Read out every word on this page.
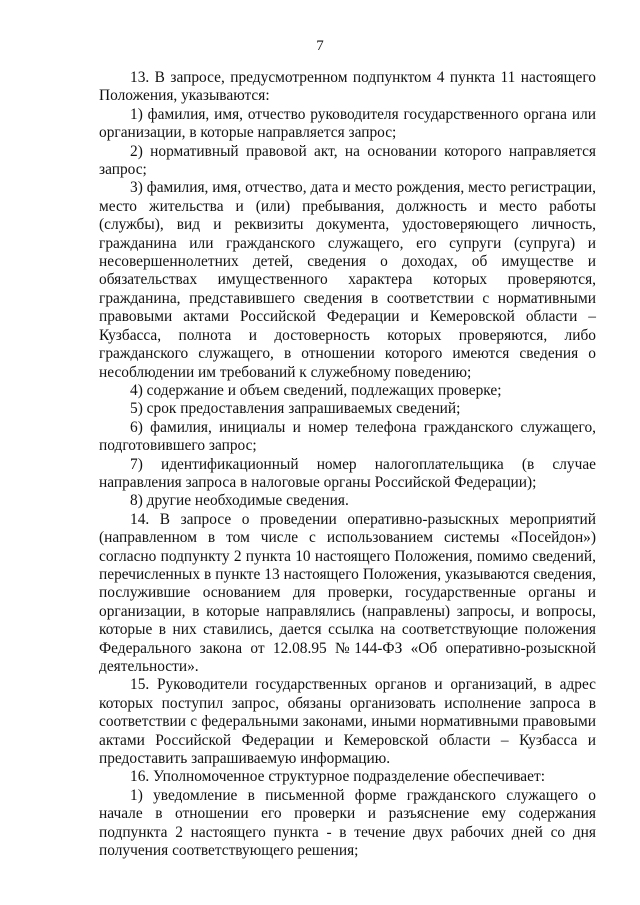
7

13. В запросе, предусмотренном подпунктом 4 пункта 11 настоящего Положения, указываются:

1) фамилия, имя, отчество руководителя государственного органа или организации, в которые направляется запрос;

2) нормативный правовой акт, на основании которого направляется запрос;

3) фамилия, имя, отчество, дата и место рождения, место регистрации, место жительства и (или) пребывания, должность и место работы (службы), вид и реквизиты документа, удостоверяющего личность, гражданина или гражданского служащего, его супруги (супруга) и несовершеннолетних детей, сведения о доходах, об имуществе и обязательствах имущественного характера которых проверяются, гражданина, представившего сведения в соответствии с нормативными правовыми актами Российской Федерации и Кемеровской области – Кузбасса, полнота и достоверность которых проверяются, либо гражданского служащего, в отношении которого имеются сведения о несоблюдении им требований к служебному поведению;

4) содержание и объем сведений, подлежащих проверке;

5) срок предоставления запрашиваемых сведений;

6) фамилия, инициалы и номер телефона гражданского служащего, подготовившего запрос;

7) идентификационный номер налогоплательщика (в случае направления запроса в налоговые органы Российской Федерации);

8) другие необходимые сведения.

14. В запросе о проведении оперативно-разыскных мероприятий (направленном в том числе с использованием системы «Посейдон») согласно подпункту 2 пункта 10 настоящего Положения, помимо сведений, перечисленных в пункте 13 настоящего Положения, указываются сведения, послужившие основанием для проверки, государственные органы и организации, в которые направлялись (направлены) запросы, и вопросы, которые в них ставились, дается ссылка на соответствующие положения Федерального закона от 12.08.95 №144-ФЗ «Об оперативно-розыскной деятельности».

15. Руководители государственных органов и организаций, в адрес которых поступил запрос, обязаны организовать исполнение запроса в соответствии с федеральными законами, иными нормативными правовыми актами Российской Федерации и Кемеровской области – Кузбасса и предоставить запрашиваемую информацию.

16. Уполномоченное структурное подразделение обеспечивает:

1) уведомление в письменной форме гражданского служащего о начале в отношении его проверки и разъяснение ему содержания подпункта 2 настоящего пункта - в течение двух рабочих дней со дня получения соответствующего решения;
